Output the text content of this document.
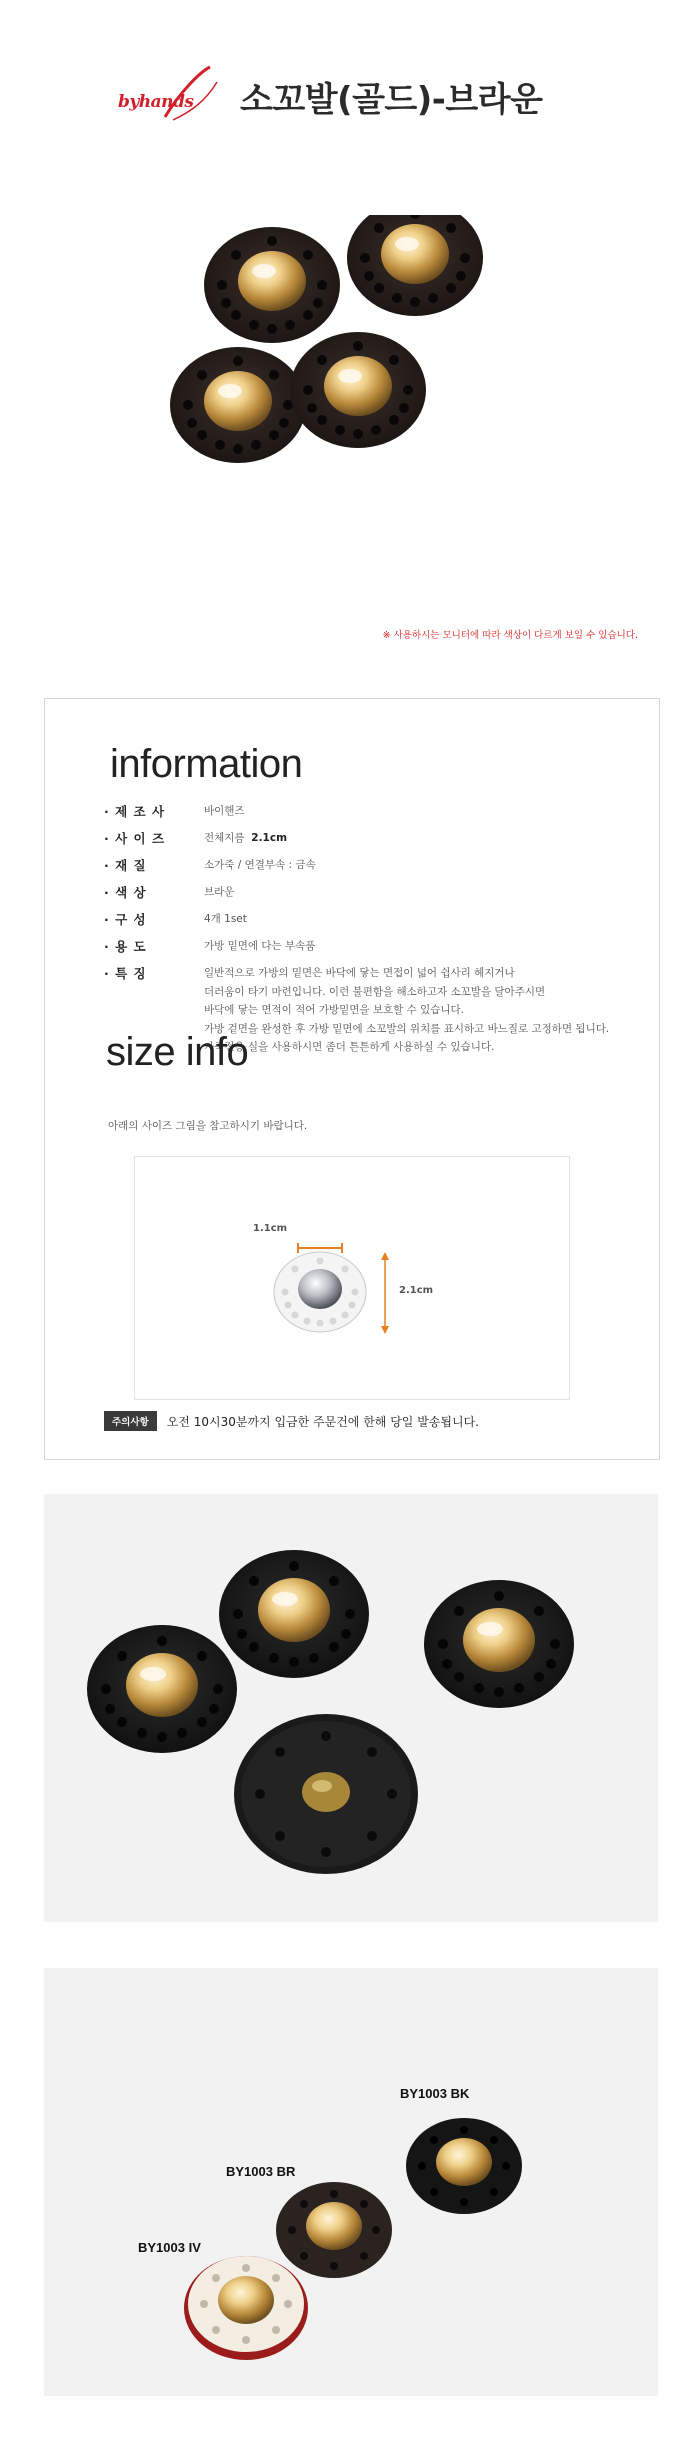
byhands 소꼬발(골드)-브라운
※ 사용하시는 모니터에 따라 색상이 다르게 보일 수 있습니다.
information
· 제 조 사	바이핸즈
· 사 이 즈	전체지름 2.1cm
· 재 질	소가죽 / 연결부속 : 금속
· 색 상	브라운
· 구 성	4개 1set
· 용 도	가방 밑면에 다는 부속품
· 특 징	일반적으로 가방의 밑면은 바닥에 닿는 면접이 넓어 쉽사리 헤지거나
더러움이 타기 마련입니다. 이런 불편함을 해소하고자 소꼬발을 달아주시면
바닥에 닿는 면적이 적어 가방밑면을 보호할 수 있습니다.
가방 겉면을 완성한 후 가방 밑면에 소꼬발의 위치를 표시하고 바느질로 고정하면 됩니다.
가죽전용 실을 사용하시면 좀더 튼튼하게 사용하실 수 있습니다.
size info
아래의 사이즈 그림을 참고하시기 바랍니다.
1.1cm
2.1cm
주의사항	오전 10시30분까지 입금한 주문건에 한해 당일 발송됩니다.
BY1003 BK
BY1003 BR
BY1003 IV
